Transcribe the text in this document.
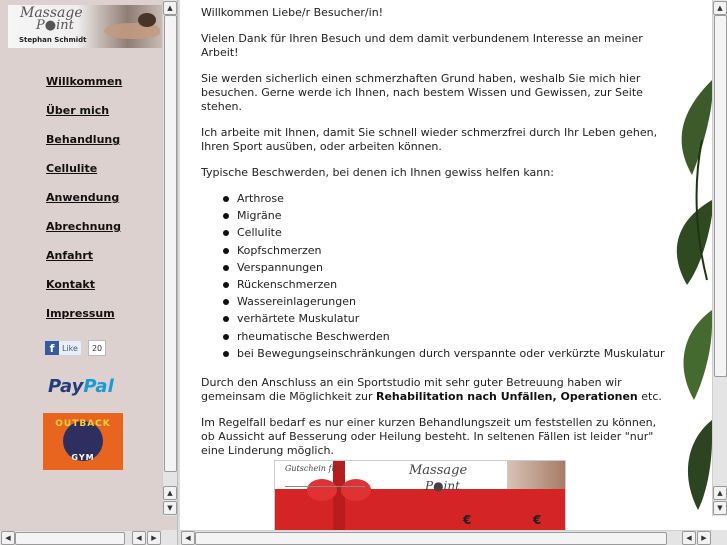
Massage
P●int
Stephan Schmidt
Willkommen
Über mich
Behandlung
Cellulite
Anwendung
Abrechnung
Anfahrt
Kontakt
Impressum
f Like	20
PayPal
OUTBACK
GYM
▲
▲
▼
◀	◀	▶

Willkommen Liebe/r Besucher/in!

Vielen Dank für Ihren Besuch und dem damit verbundenem Interesse an meiner Arbeit!

Sie werden sicherlich einen schmerzhaften Grund haben, weshalb Sie mich hier besuchen. Gerne werde ich Ihnen, nach bestem Wissen und Gewissen, zur Seite stehen.

Ich arbeite mit Ihnen, damit Sie schnell wieder schmerzfrei durch Ihr Leben gehen, Ihren Sport ausüben, oder arbeiten können.

Typische Beschwerden, bei denen ich Ihnen gewiss helfen kann:

Arthrose
Migräne
Cellulite
Kopfschmerzen
Verspannungen
Rückenschmerzen
Wassereinlagerungen
verhärtete Muskulatur
rheumatische Beschwerden
bei Bewegungseinschränkungen durch verspannte oder verkürzte Muskulatur

Durch den Anschluss an ein Sportstudio mit sehr guter Betreuung haben wir gemeinsam die Möglichkeit zur Rehabilitation nach Unfällen, Operationen etc.

Im Regelfall bedarf es nur einer kurzen Behandlungszeit um feststellen zu können, ob Aussicht auf Besserung oder Heilung besteht. In seltenen Fällen ist leider "nur" eine Linderung möglich.

Gutschein für	Massage
P●int
€	€
▲
▲
▼
◀	◀	▶
